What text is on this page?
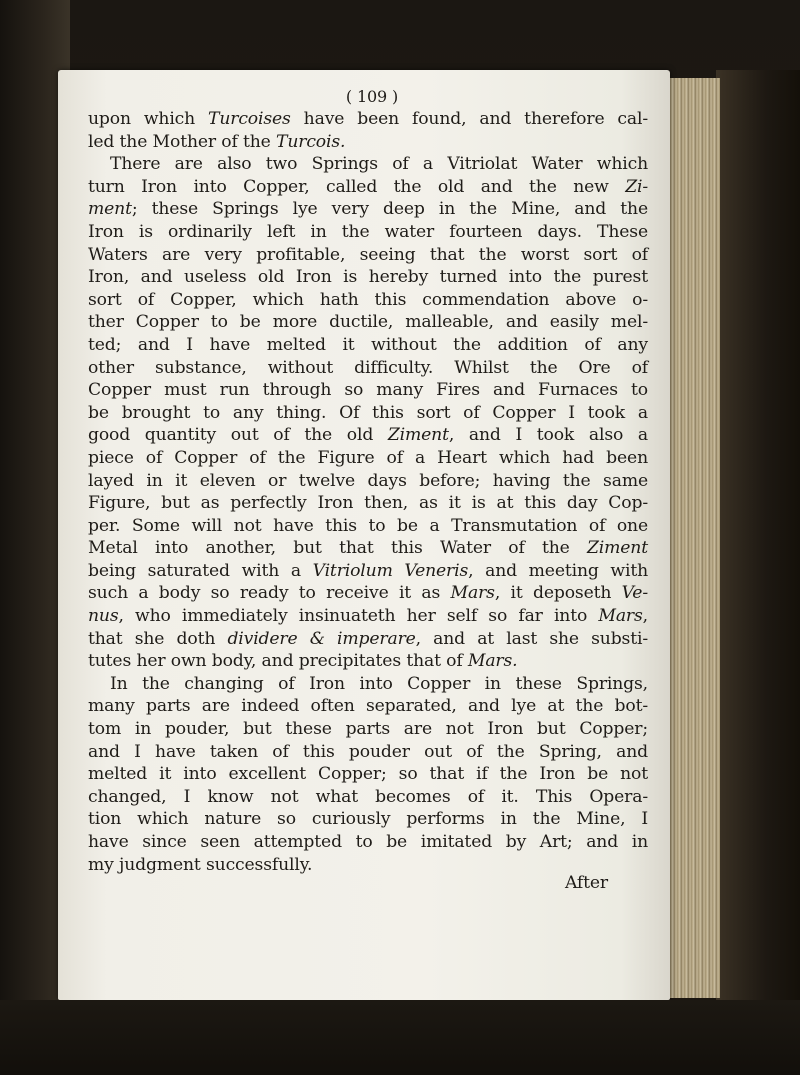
( 109 )
upon which Turcoises have been found, and therefore cal-
led the Mother of the Turcois.
There are also two Springs of a Vitriolat Water which
turn Iron into Copper, called the old and the new Zi-
ment; these Springs lye very deep in the Mine, and the
Iron is ordinarily left in the water fourteen days. These
Waters are very profitable, seeing that the worst sort of
Iron, and useless old Iron is hereby turned into the purest
sort of Copper, which hath this commendation above o-
ther Copper to be more ductile, malleable, and easily mel-
ted; and I have melted it without the addition of any
other substance, without difficulty. Whilst the Ore of
Copper must run through so many Fires and Furnaces to
be brought to any thing. Of this sort of Copper I took a
good quantity out of the old Ziment, and I took also a
piece of Copper of the Figure of a Heart which had been
layed in it eleven or twelve days before; having the same
Figure, but as perfectly Iron then, as it is at this day Cop-
per. Some will not have this to be a Transmutation of one
Metal into another, but that this Water of the Ziment
being saturated with a Vitriolum Veneris, and meeting with
such a body so ready to receive it as Mars, it deposeth Ve-
nus, who immediately insinuateth her self so far into Mars,
that she doth dividere & imperare, and at last she substi-
tutes her own body, and precipitates that of Mars.
In the changing of Iron into Copper in these Springs,
many parts are indeed often separated, and lye at the bot-
tom in pouder, but these parts are not Iron but Copper;
and I have taken of this pouder out of the Spring, and
melted it into excellent Copper; so that if the Iron be not
changed, I know not what becomes of it. This Opera-
tion which nature so curiously performs in the Mine, I
have since seen attempted to be imitated by Art; and in
my judgment successfully.
After
